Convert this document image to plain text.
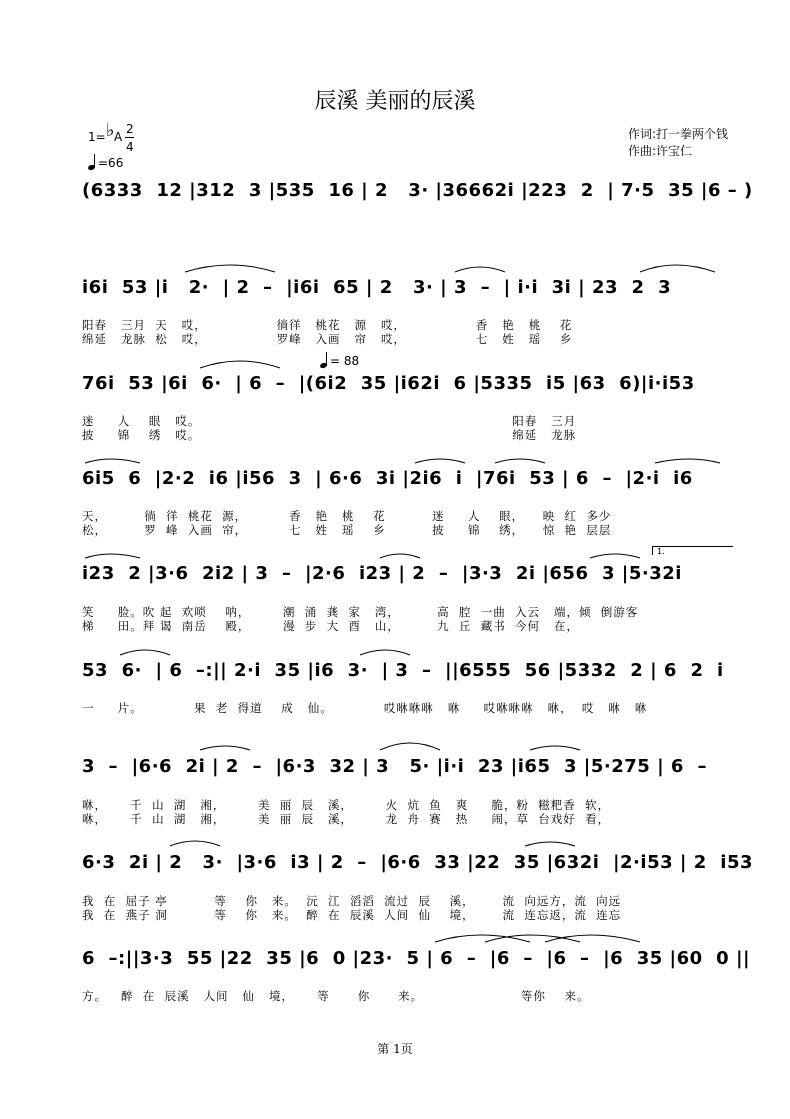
辰溪 美丽的辰溪
1= ♭ A
2
4
=66
= 88
作词:打一拳两个钱
作曲:许宝仁
1.
(6333  12 |312  3 |535  16 | 2   3· |36662i |223  2  | 7·5  35 |6 – )
i6i  53 |i   2·  | 2  –  |i6i  65 | 2   3· | 3  –  | i·i  3i | 23  2  3
阳春   三月  天   哎，               徜徉   桃花   源   哎，               香   艳   桃    花
绵延   龙脉  松   哎，               罗峰   入画   帘   哎，               七   姓   瑶    乡
76i  53 |6i  6·  | 6  –  |(6i2  35 |i62i  6 |5335  i5 |63  6)|i·i53
迷     人    眼   哎。                                                                   阳春   三月
披     锦    绣   哎。                                                                   绵延   龙脉
6i5  6  |2·2  i6 |i56  3  | 6·6  3i |2i6  i  |76i  53 | 6  –  |2·i  i6
天，        徜  徉  桃花  源，         香   艳   桃    花          迷     人    眼，    映  红  多少
松，        罗  峰  入画  帘，         七   姓   瑶    乡          披     锦    绣，    惊  艳  层层
i23  2 |3·6  2i2 | 3  –  |2·6  i23 | 2  –  |3·3  2i |656  3 |5·32i
笑     脸。吹 起  欢唢    呐，       潮  涌  龚  家   湾，        高  腔  一曲  入云   端，倾  倒游客
梯     田。拜 谒  南岳    殿，       漫  步  大  酉   山，        九  丘  藏书  今何   在，
53  6·  | 6  –:|| 2·i  35 |i6  3·  | 3  –  ||6555  56 |5332  2 | 6  2  i
一     片。           果  老  得道    成   仙。           哎咻咻咻   咻     哎咻咻咻   咻，  哎   咻   咻
3  –  |6·6  2i | 2  –  |6·3  32 | 3   5· |i·i  23 |i65  3 |5·275 | 6  –
咻，     千  山  湖   湘，       美  丽  辰   溪，       火  炕  鱼   爽     脆，粉  糍粑香  软，
咻，     千  山  湖   湘，       美  丽  辰   溪，       龙  舟  赛   热     闹，草  台戏好  看，
6·3  2i | 2   3·  |3·6  i3 | 2  –  |6·6  33 |22  35 |632i  |2·i53 | 2  i53
我  在  屈子 亭          等    你   来。  沅  江  滔滔  流过  辰    溪，      流  向远方，流  向远
我  在  燕子 洞          等    你   来。  醉  在  辰溪  人间  仙    境，      流  连忘返，流  连忘
6  –:||3·3  55 |22  35 |6  0 |23·  5 | 6  –  |6  –  |6  –  |6  35 |60  0 ||
方。   醉  在  辰溪   人间   仙   境，     等      你      来。                     等你    来。
第 1页
